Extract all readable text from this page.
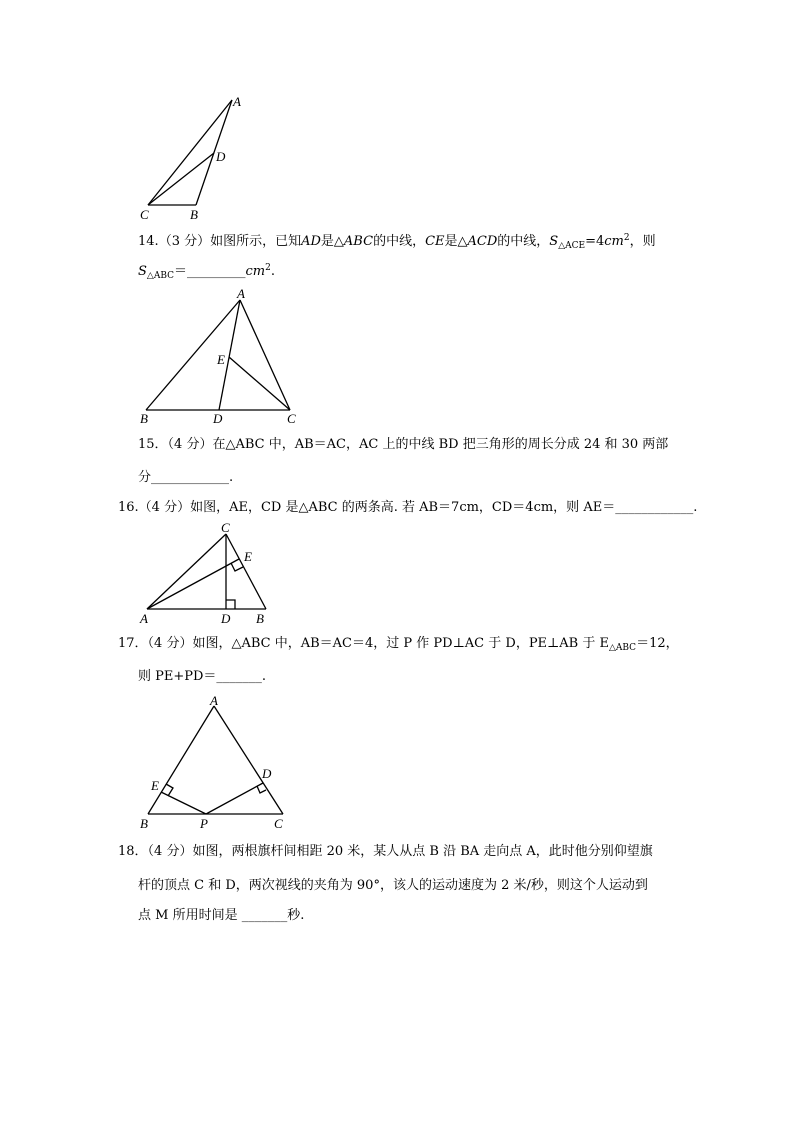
A
D
C	B
14.（3 分）如图所示，已知AD是△ABC的中线，CE是△ACD的中线，$S_{\triangle ACE}=4cm^2$，则
$S_{\triangle ABC}=\_\_\_\_\_\_\_\_\_cm^2$.
A
E
B	D	C
15．（4 分）在△ABC 中，AB＝AC，AC 上的中线 BD 把三角形的周长分成 24 和 30 两部
分____________.
16.（4 分）如图，AE，CD 是△ABC 的两条高. 若 AB＝7cm，CD＝4cm，则 AE＝____________.
C
E
A	D B
17．（4 分）如图，△ABC 中，AB＝AC＝4，过 P 作 PD⊥AC 于 D，PE⊥AB 于 $E_{\triangle ABC}=12$，
则 PE+PD＝_______.
A
E
D
B	P	C
18．（4 分）如图，两根旗杆间相距 20 米，某人从点 B 沿 BA 走向点 A，此时他分别仰望旗
杆的顶点 C 和 D，两次视线的夹角为 90°，该人的运动速度为 2 米/秒，则这个人运动到
点 M 所用时间是 _______秒.
